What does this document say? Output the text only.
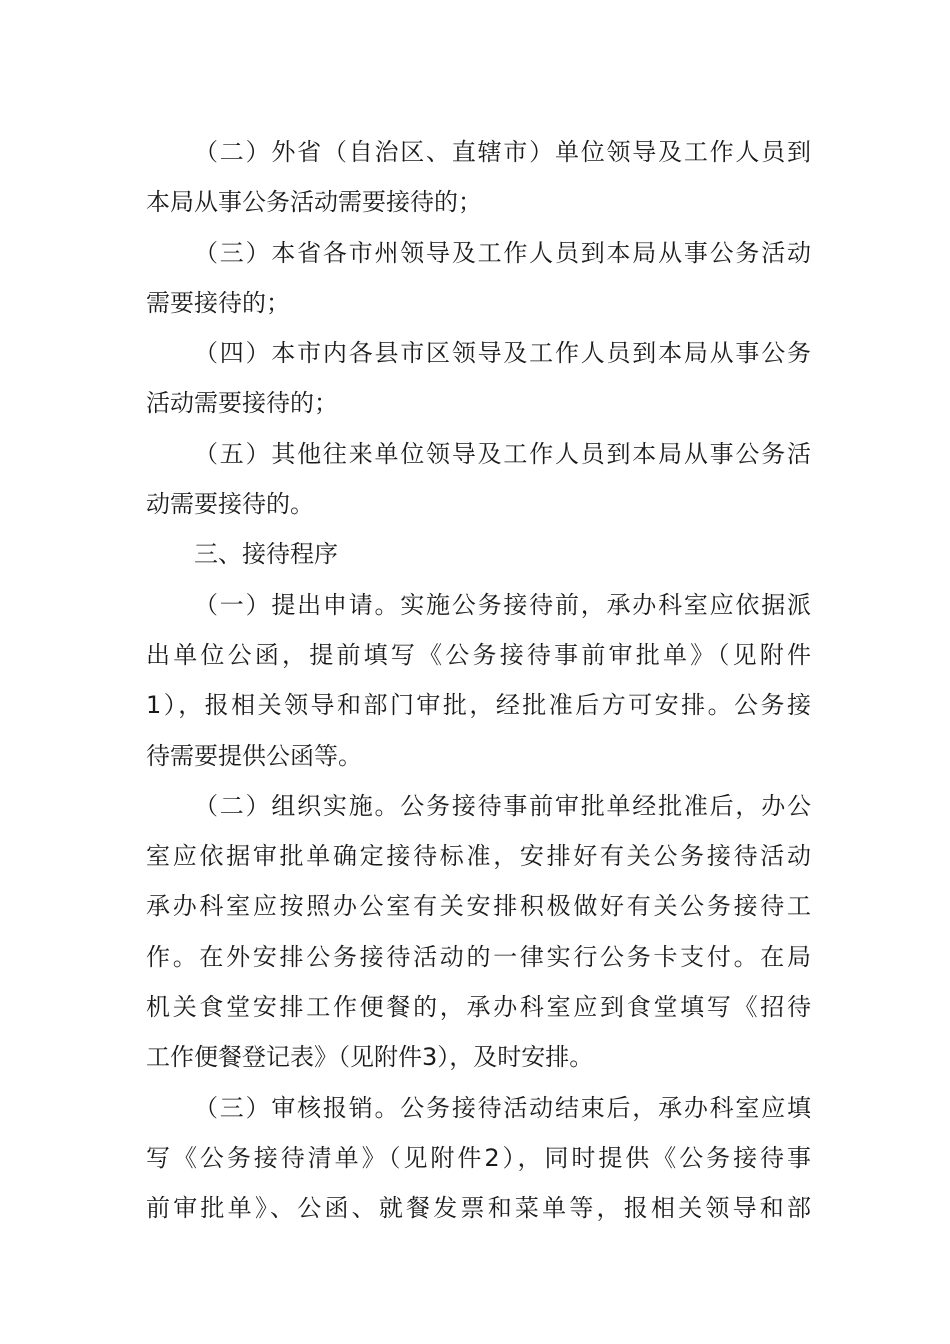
（二）外省（自治区、直辖市）单位领导及工作人员到
本局从事公务活动需要接待的；
（三）本省各市州领导及工作人员到本局从事公务活动
需要接待的；
（四）本市内各县市区领导及工作人员到本局从事公务
活动需要接待的；
（五）其他往来单位领导及工作人员到本局从事公务活
动需要接待的。
三、接待程序
（一）提出申请。实施公务接待前，承办科室应依据派
出单位公函，提前填写《公务接待事前审批单》（见附件
1），报相关领导和部门审批，经批准后方可安排。公务接
待需要提供公函等。
（二）组织实施。公务接待事前审批单经批准后，办公
室应依据审批单确定接待标准，安排好有关公务接待活动
承办科室应按照办公室有关安排积极做好有关公务接待工
作。在外安排公务接待活动的一律实行公务卡支付。在局
机关食堂安排工作便餐的，承办科室应到食堂填写《招待
工作便餐登记表》（见附件3），及时安排。
（三）审核报销。公务接待活动结束后，承办科室应填
写《公务接待清单》（见附件2），同时提供《公务接待事
前审批单》、公函、就餐发票和菜单等，报相关领导和部
